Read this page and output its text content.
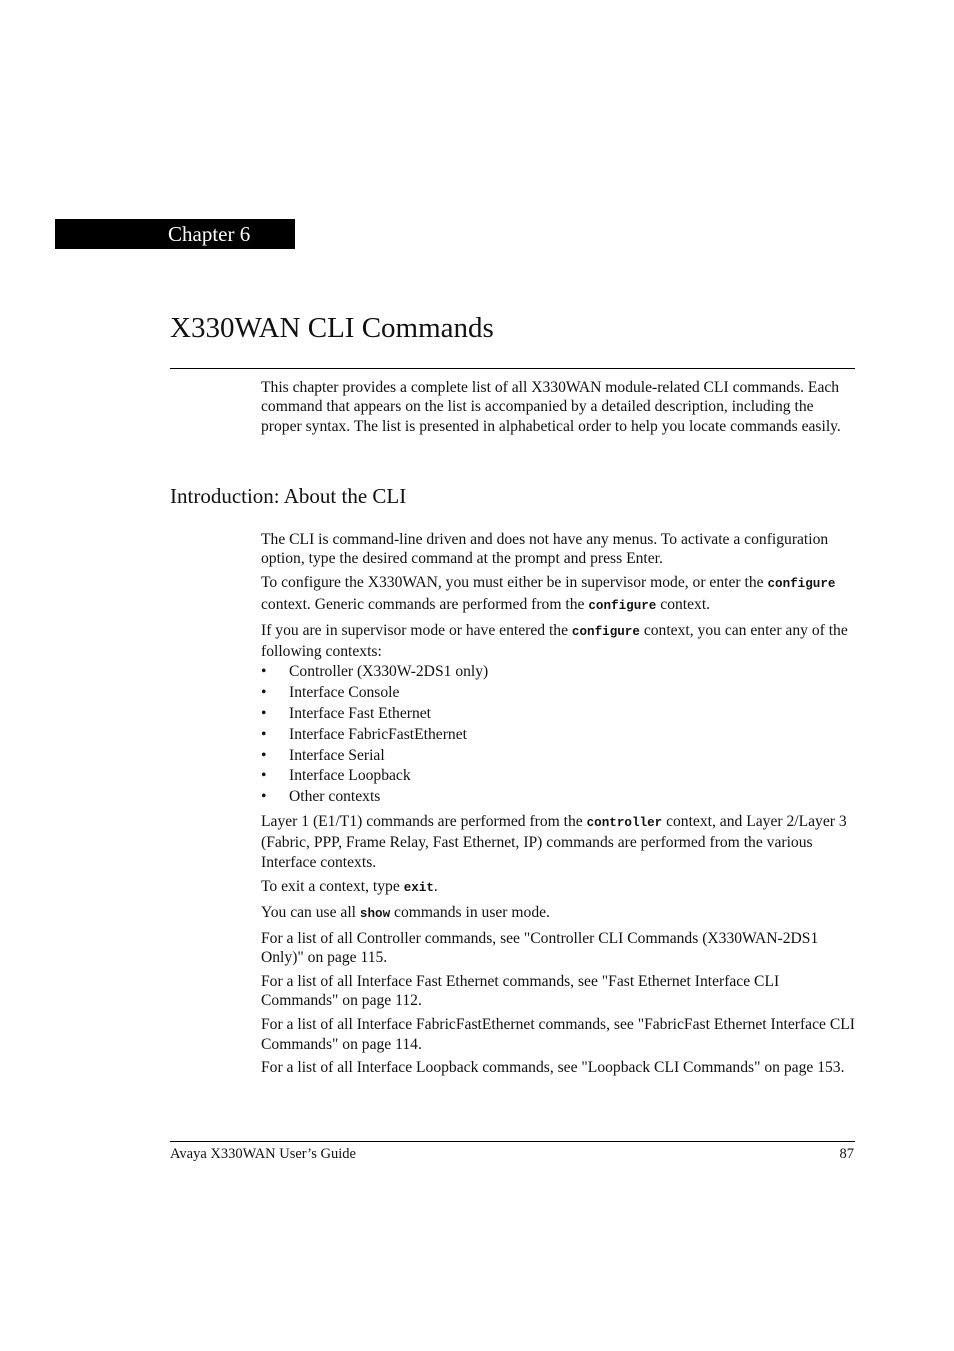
Chapter 6
X330WAN CLI Commands

This chapter provides a complete list of all X330WAN module-related CLI commands. Each command that appears on the list is accompanied by a detailed description, including the proper syntax. The list is presented in alphabetical order to help you locate commands easily.

Introduction: About the CLI

The CLI is command-line driven and does not have any menus. To activate a configuration option, type the desired command at the prompt and press Enter.

To configure the X330WAN, you must either be in supervisor mode, or enter the configure context. Generic commands are performed from the configure context.

If you are in supervisor mode or have entered the configure context, you can enter any of the following contexts:

• Controller (X330W-2DS1 only)
• Interface Console
• Interface Fast Ethernet
• Interface FabricFastEthernet
• Interface Serial
• Interface Loopback
• Other contexts

Layer 1 (E1/T1) commands are performed from the controller context, and Layer 2/Layer 3 (Fabric, PPP, Frame Relay, Fast Ethernet, IP) commands are performed from the various Interface contexts.

To exit a context, type exit.

You can use all show commands in user mode.

For a list of all Controller commands, see "Controller CLI Commands (X330WAN-2DS1 Only)" on page 115.

For a list of all Interface Fast Ethernet commands, see "Fast Ethernet Interface CLI Commands" on page 112.

For a list of all Interface FabricFastEthernet commands, see "FabricFast Ethernet Interface CLI Commands" on page 114.

For a list of all Interface Loopback commands, see "Loopback CLI Commands" on page 153.

Avaya X330WAN User’s Guide	87
